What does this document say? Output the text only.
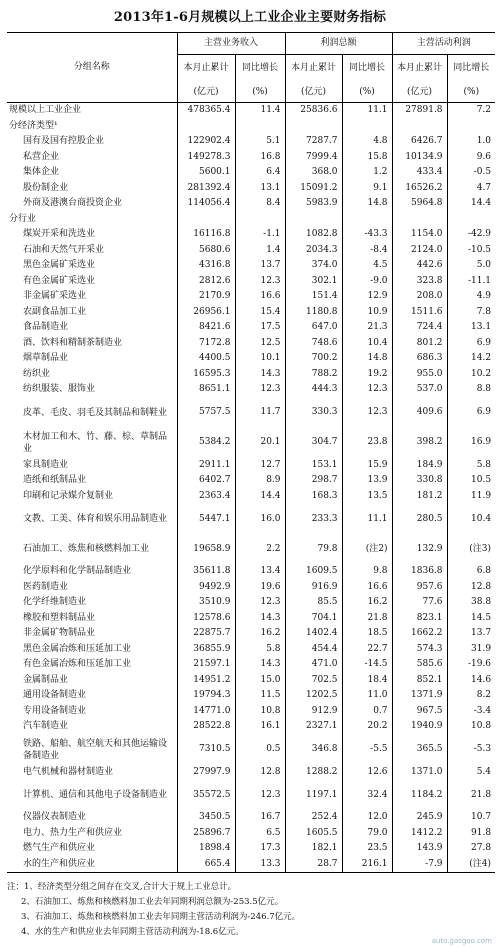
2013年1-6月规模以上工业企业主要财务指标
分组名称	主营业务收入		利润总额		主营活动利润	
	本月止累计	同比增长	本月止累计	同比增长	本月止累计	同比增长
	(亿元)	(%)	(亿元)	(%)	(亿元)	(%)
规模以上工业企业	478365.4	11.4	25836.6	11.1	27891.8	7.2
分经济类型¹						
国有及国有控股企业	122902.4	5.1	7287.7	4.8	6426.7	1.0
私营企业	149278.3	16.8	7999.4	15.8	10134.9	9.6
集体企业	5600.1	6.4	368.0	1.2	433.4	-0.5
股份制企业	281392.4	13.1	15091.2	9.1	16526.2	4.7
外商及港澳台商投资企业	114056.4	8.4	5983.9	14.8	5964.8	14.4
分行业						
煤炭开采和洗选业	16116.8	-1.1	1082.8	-43.3	1154.0	-42.9
石油和天然气开采业	5680.6	1.4	2034.3	-8.4	2124.0	-10.5
黑色金属矿采选业	4316.8	13.7	374.0	4.5	442.6	5.0
有色金属矿采选业	2812.6	12.3	302.1	-9.0	323.8	-11.1
非金属矿采选业	2170.9	16.6	151.4	12.9	208.0	4.9
农副食品加工业	26956.1	15.4	1180.8	10.9	1511.6	7.8
食品制造业	8421.6	17.5	647.0	21.3	724.4	13.1
酒、饮料和精制茶制造业	7172.8	12.5	748.6	10.4	801.2	6.9
烟草制品业	4400.5	10.1	700.2	14.8	686.3	14.2
纺织业	16595.3	14.3	788.2	19.2	955.0	10.2
纺织服装、服饰业	8651.1	12.3	444.3	12.3	537.0	8.8
皮革、毛皮、羽毛及其制品和制鞋业	5757.5	11.7	330.3	12.3	409.6	6.9
木材加工和木、竹、藤、棕、草制品业	5384.2	20.1	304.7	23.8	398.2	16.9
家具制造业	2911.1	12.7	153.1	15.9	184.9	5.8
造纸和纸制品业	6402.7	8.9	298.7	13.9	330.8	10.5
印刷和记录媒介复制业	2363.4	14.4	168.3	13.5	181.2	11.9
文教、工美、体育和娱乐用品制造业	5447.1	16.0	233.3	11.1	280.5	10.4
石油加工、炼焦和核燃料加工业	19658.9	2.2	79.8	(注2)	132.9	(注3)
化学原料和化学制品制造业	35611.8	13.4	1609.5	9.8	1836.8	6.8
医药制造业	9492.9	19.6	916.9	16.6	957.6	12.8
化学纤维制造业	3510.9	12.3	85.5	16.2	77.6	38.8
橡胶和塑料制品业	12578.6	14.3	704.1	21.8	823.1	14.5
非金属矿物制品业	22875.7	16.2	1402.4	18.5	1662.2	13.7
黑色金属冶炼和压延加工业	36855.9	5.8	454.4	22.7	574.3	31.9
有色金属冶炼和压延加工业	21597.1	14.3	471.0	-14.5	585.6	-19.6
金属制品业	14951.2	15.0	702.5	18.4	852.1	14.6
通用设备制造业	19794.3	11.5	1202.5	11.0	1371.9	8.2
专用设备制造业	14771.0	10.8	912.9	0.7	967.5	-3.4
汽车制造业	28522.8	16.1	2327.1	20.2	1940.9	10.8
铁路、船舶、航空航天和其他运输设备制造业	7310.5	0.5	346.8	-5.5	365.5	-5.3
电气机械和器材制造业	27997.9	12.8	1288.2	12.6	1371.0	5.4
计算机、通信和其他电子设备制造业	35572.5	12.3	1197.1	32.4	1184.2	21.8
仪器仪表制造业	3450.5	16.7	252.4	12.0	245.9	10.7
电力、热力生产和供应业	25896.7	6.5	1605.5	79.0	1412.2	91.8
燃气生产和供应业	1898.4	17.3	182.1	23.5	143.9	27.8
水的生产和供应业	665.4	13.3	28.7	216.1	-7.9	(注4)
注：1、经济类型分组之间存在交叉,合计大于规上工业总计。
2、石油加工、炼焦和核燃料加工业去年同期利润总额为-253.5亿元。
3、石油加工、炼焦和核燃料加工业去年同期主营活动利润为-246.7亿元。
4、水的生产和供应业去年同期主营活动利润为-18.6亿元。
auto.gasgoo.com
